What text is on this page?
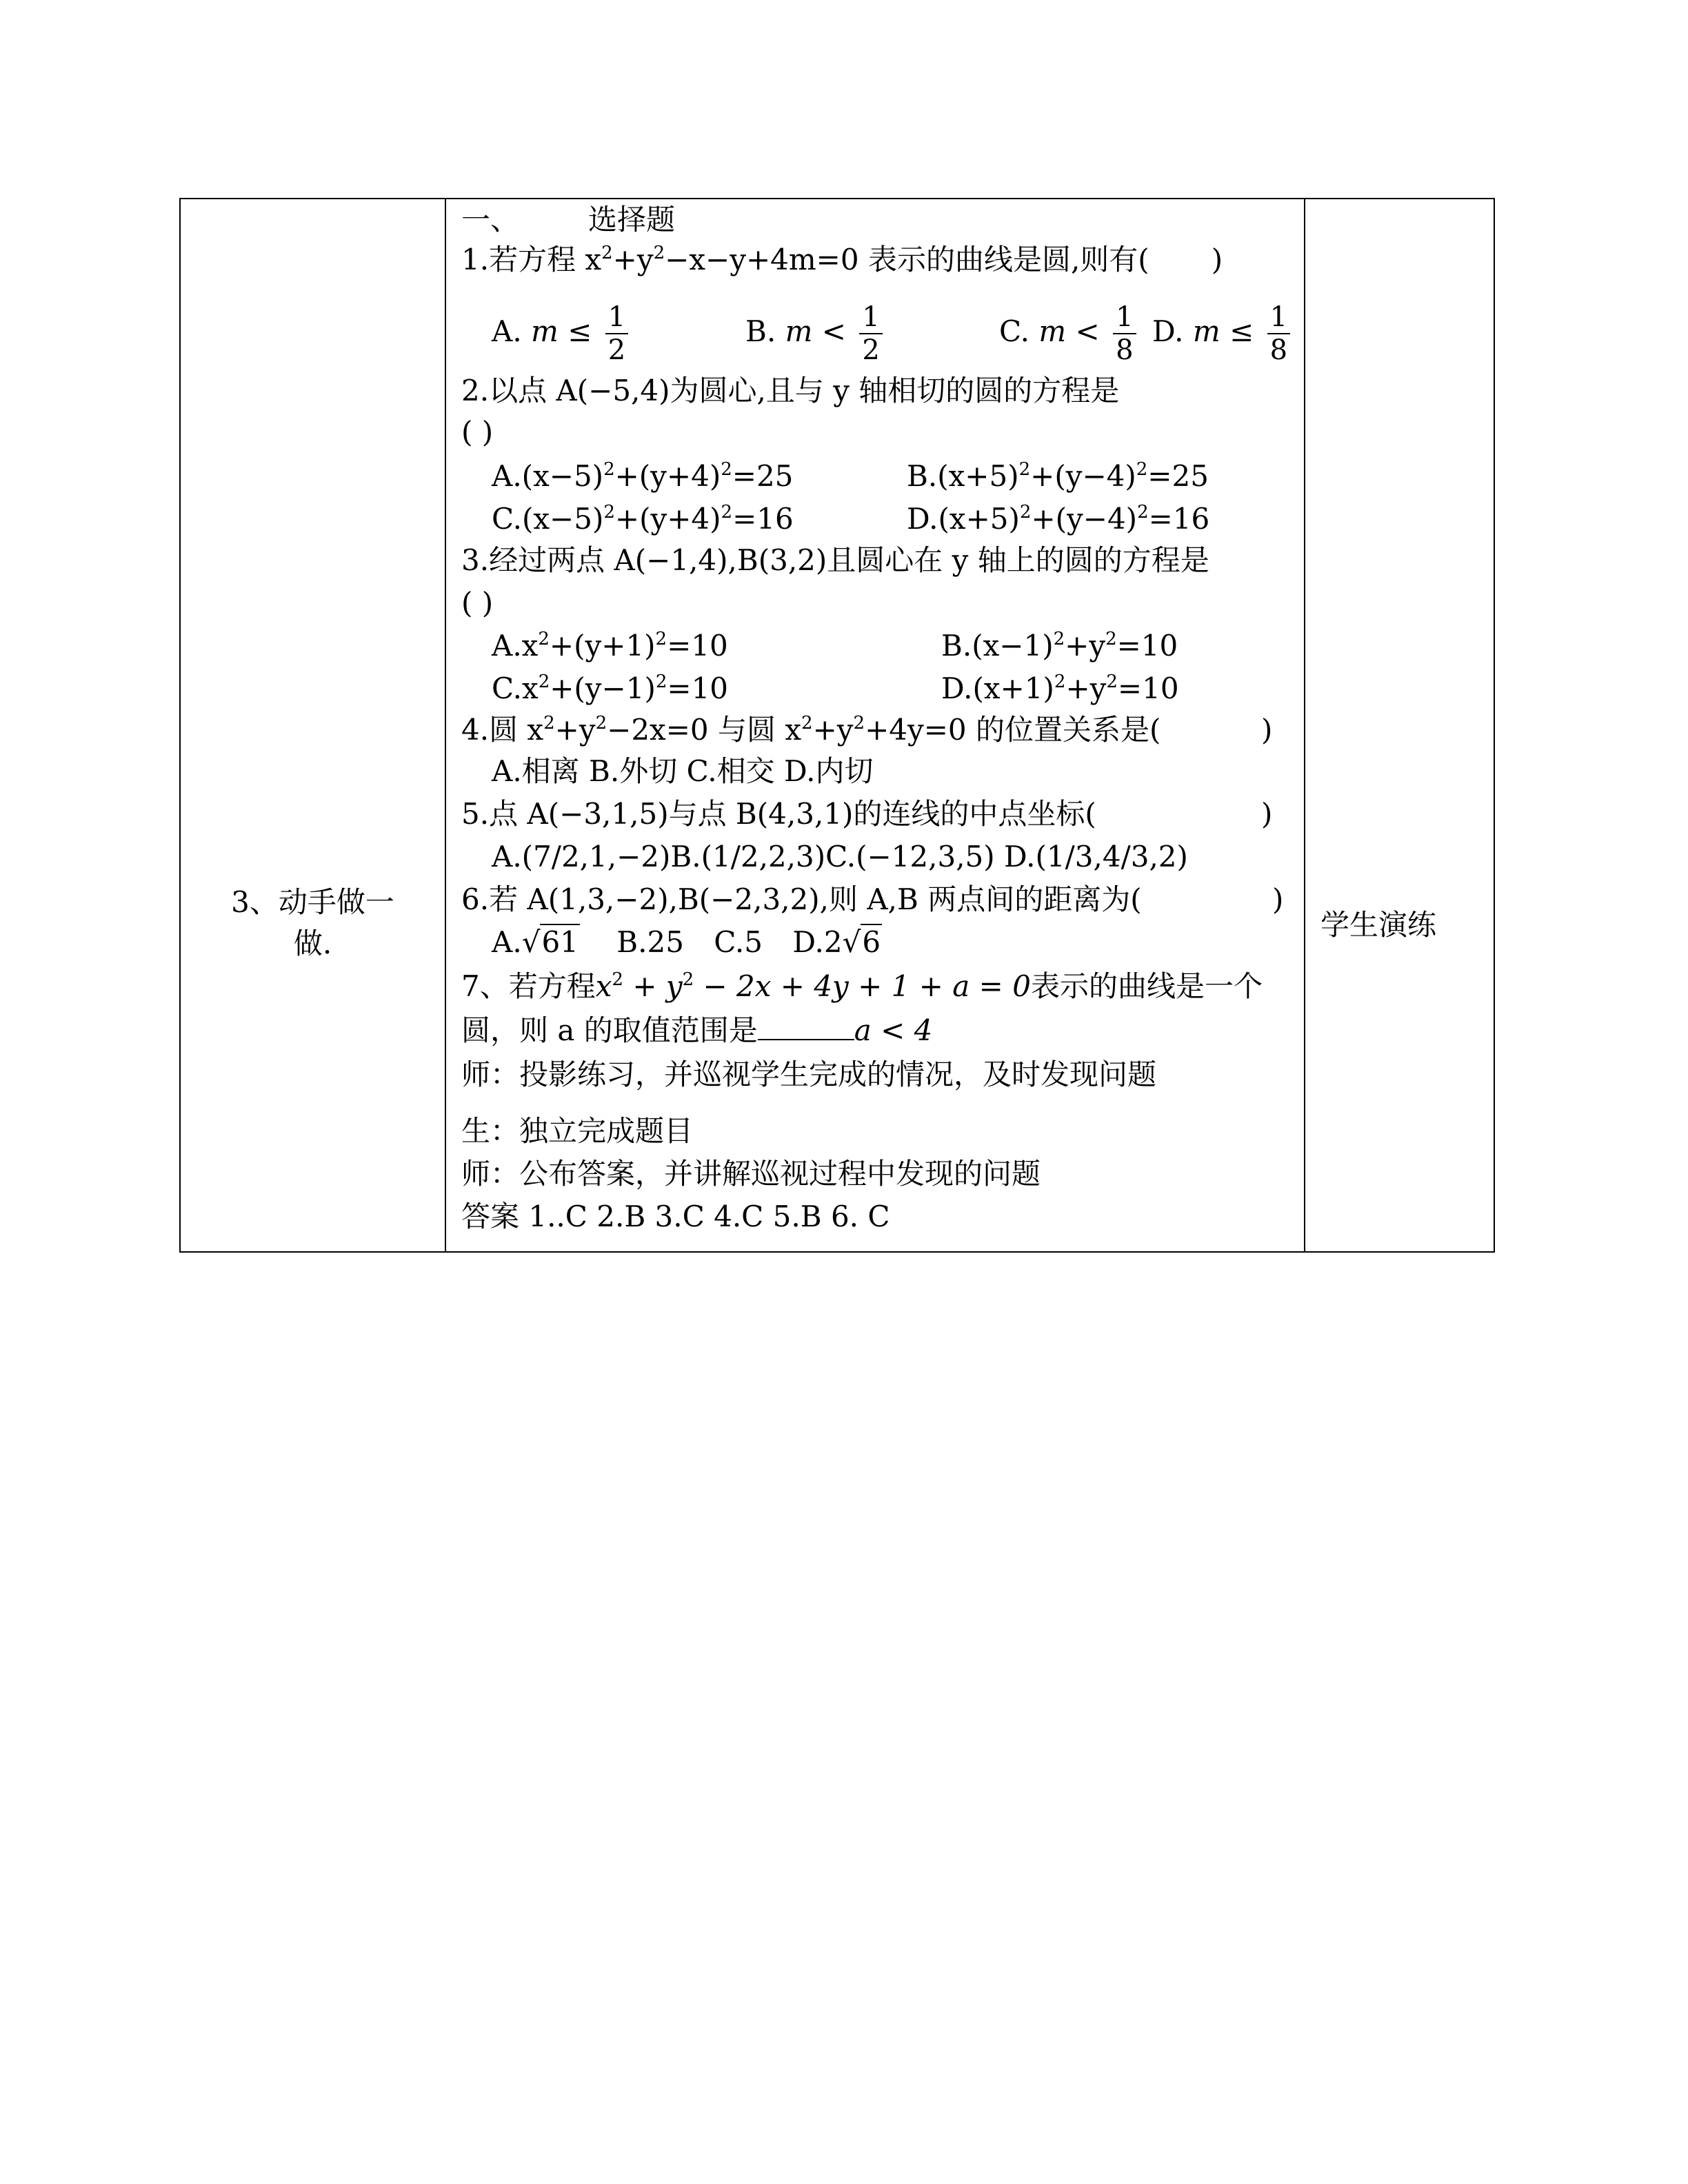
3、动手做一
做.
一、 选择题
1.若方程 $x^2+y^2-x-y+4m=0$ 表示的曲线是圆,则有( )
A. $m \le \frac{1}{2}$	B. $m < \frac{1}{2}$	C. $m < \frac{1}{8} D$. $m \le \frac{1}{8}$
2.以点 A(−5,4)为圆心,且与 y 轴相切的圆的方程是
( )
$A.(x-5)^2+(y+4)^2=25$	$B.(x+5)^2+(y-4)^2=25$
$C.(x-5)^2+(y+4)^2=16$	$D.(x+5)^2+(y-4)^2=16$
3.经过两点 A(−1,4),B(3,2)且圆心在 y 轴上的圆的方程是
( )
$A.x^2+(y+1)^2=10$	$B.(x-1)^2+y^2=10$
$C.x^2+(y-1)^2=10$	$D.(x+1)^2+y^2=10$
4.圆 $x^2+y^2-2x=0$ 与圆 $x^2+y^2+4y=0$ 的位置关系是(	)
A.相离 B.外切 C.相交 D.内切
5.点 A(−3,1,5)与点 B(4,3,1)的连线的中点坐标(	)
A.(7/2,1,−2)B.(1/2,2,3)C.(−12,3,5) D.(1/3,4/3,2)
6.若 A(1,3,−2),B(−2,3,2),则 A,B 两点间的距离为(	)
A.√61 B.25 C.5 D.2√6
7、若方程$x^2 + y^2 - 2x + 4y + 1 + a = 0$表示的曲线是一个
圆，则 a 的取值范围是	a < 4
师：投影练习，并巡视学生完成的情况，及时发现问题
生：独立完成题目
师：公布答案，并讲解巡视过程中发现的问题
答案 1..C 2.B 3.C 4.C 5.B 6. C
学生演练
